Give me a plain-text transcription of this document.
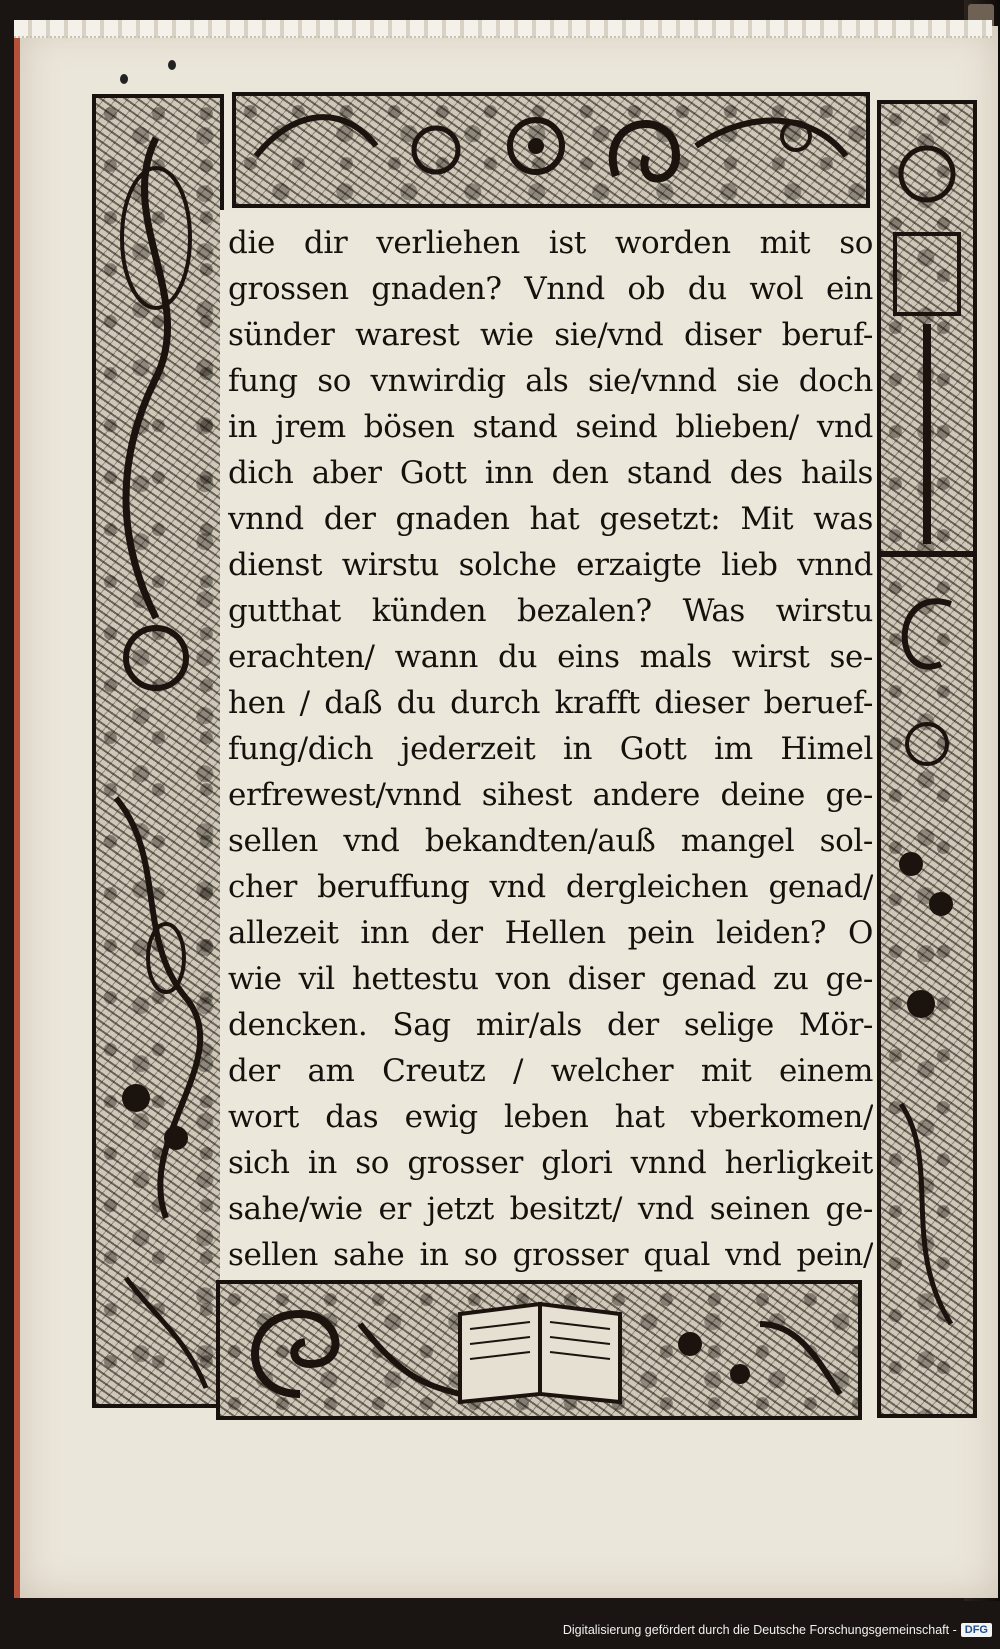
die dir verliehen ist worden mit so
grossen gnaden? Vnnd ob du wol ein
sünder warest wie sie/vnd diser beruf-
fung so vnwirdig als sie/vnnd sie doch
in jrem bösen stand seind blieben/ vnd
dich aber Gott inn den stand des hails
vnnd der gnaden hat gesetzt: Mit was
dienst wirstu solche erzaigte lieb vnnd
gutthat künden bezalen? Was wirstu
erachten/ wann du eins mals wirst se-
hen / daß du durch krafft dieser beruef-
fung/dich jederzeit in Gott im Himel
erfrewest/vnnd sihest andere deine ge-
sellen vnd bekandten/auß mangel sol-
cher beruffung vnd dergleichen genad/
allezeit inn der Hellen pein leiden? O
wie vil hettestu von diser genad zu ge-
dencken. Sag mir/als der selige Mör-
der am Creutz / welcher mit einem
wort das ewig leben hat vberkomen/
sich in so grosser glori vnnd herligkeit
sahe/wie er jetzt besitzt/ vnd seinen ge-
sellen sahe in so grosser qual vnd pein/
Digitalisierung gefördert durch die Deutsche Forschungsgemeinschaft - DFG
